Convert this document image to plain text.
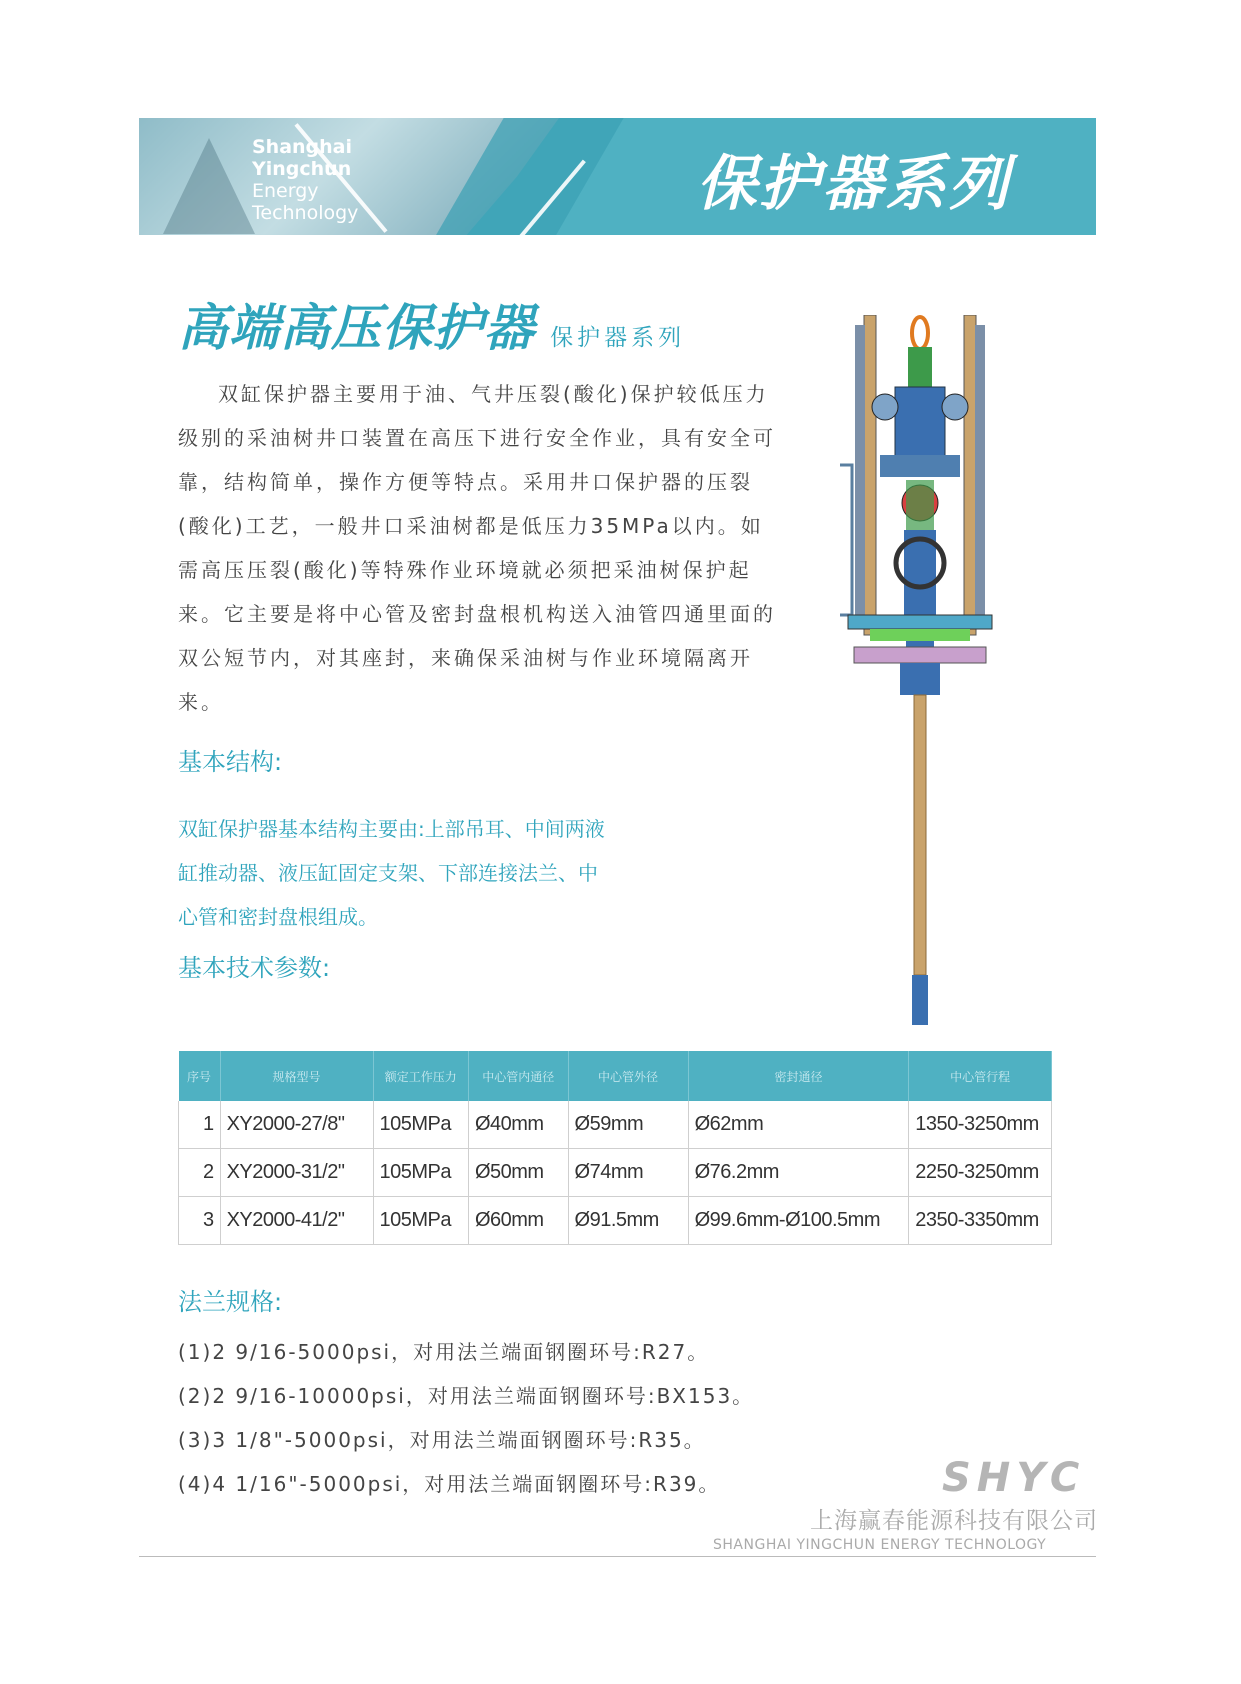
Shanghai
Yingchun
Energy
Technology	保护器系列
高端高压保护器 保护器系列
双缸保护器主要用于油、气井压裂(酸化)保护较低压力级别的采油树井口装置在高压下进行安全作业，具有安全可靠，结构简单，操作方便等特点。采用井口保护器的压裂(酸化)工艺，一般井口采油树都是低压力35MPa以内。如需高压压裂(酸化)等特殊作业环境就必须把采油树保护起来。它主要是将中心管及密封盘根机构送入油管四通里面的双公短节内，对其座封，来确保采油树与作业环境隔离开来。
基本结构:
双缸保护器基本结构主要由:上部吊耳、中间两液缸推动器、液压缸固定支架、下部连接法兰、中心管和密封盘根组成。
基本技术参数:
序号	规格型号	额定工作压力	中心管内通径	中心管外径	密封通径	中心管行程
1	XY2000-27/8"	105MPa	Ø40mm	Ø59mm	Ø62mm	1350-3250mm
2	XY2000-31/2"	105MPa	Ø50mm	Ø74mm	Ø76.2mm	2250-3250mm
3	XY2000-41/2"	105MPa	Ø60mm	Ø91.5mm	Ø99.6mm-Ø100.5mm	2350-3350mm
法兰规格:
(1)2 9/16-5000psi，对用法兰端面钢圈环号:R27。
(2)2 9/16-10000psi，对用法兰端面钢圈环号:BX153。
(3)3 1/8"-5000psi，对用法兰端面钢圈环号:R35。
(4)4 1/16"-5000psi，对用法兰端面钢圈环号:R39。	SHYC
上海赢春能源科技有限公司
SHANGHAI YINGCHUN ENERGY TECHNOLOGY
